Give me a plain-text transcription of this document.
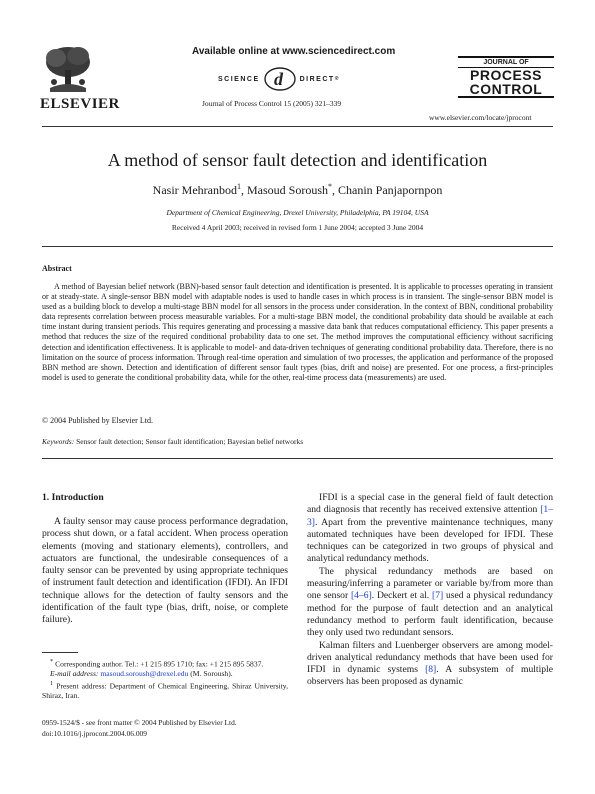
ELSEVIER
Available online at www.sciencedirect.com
SCIENCE d DIRECT ®
Journal of Process Control 15 (2005) 321–339
JOURNAL OF
PROCESS
CONTROL
www.elsevier.com/locate/jprocont
A method of sensor fault detection and identification
Nasir Mehranbod$^1$, Masoud Soroush*, Chanin Panjapornpon
Department of Chemical Engineering, Drexel University, Philadelphia, PA 19104, USA
Received 4 April 2003; received in revised form 1 June 2004; accepted 3 June 2004
Abstract
A method of Bayesian belief network (BBN)-based sensor fault detection and identification is presented. It is applicable to processes operating in transient or at steady-state. A single-sensor BBN model with adaptable nodes is used to handle cases in which process is in transient. The single-sensor BBN model is used as a building block to develop a multi-stage BBN model for all sensors in the process under consideration. In the context of BBN, conditional probability data represents correlation between process measurable variables. For a multi-stage BBN model, the conditional probability data should be available at each time instant during transient periods. This requires generating and processing a massive data bank that reduces computational efficiency. This paper presents a method that reduces the size of the required conditional probability data to one set. The method improves the computational efficiency without sacrificing detection and identification effectiveness. It is applicable to model- and data-driven techniques of generating conditional probability data. Therefore, there is no limitation on the source of process information. Through real-time operation and simulation of two processes, the application and performance of the proposed BBN method are shown. Detection and identification of different sensor fault types (bias, drift and noise) are presented. For one process, a first-principles model is used to generate the conditional probability data, while for the other, real-time process data (measurements) are used.
© 2004 Published by Elsevier Ltd.
Keywords: Sensor fault detection; Sensor fault identification; Bayesian belief networks
1. Introduction

A faulty sensor may cause process performance degradation, process shut down, or a fatal accident. When process operation elements (moving and stationary elements), controllers, and actuators are functional, the undesirable consequences of a faulty sensor can be prevented by using appropriate techniques of instrument fault detection and identification (IFDI). An IFDI technique allows for the detection of faulty sensors and the identification of the fault type (bias, drift, noise, or complete failure).

* Corresponding author. Tel.: +1 215 895 1710; fax: +1 215 895 5837.

E-mail address: masoud.soroush@drexel.edu (M. Soroush).

$^1$ Present address: Department of Chemical Engineering, Shiraz University, Shiraz, Iran.

0959-1524/$ - see front matter © 2004 Published by Elsevier Ltd.
doi:10.1016/j.jprocont.2004.06.009

IFDI is a special case in the general field of fault detection and diagnosis that recently has received extensive attention [1–3]. Apart from the preventive maintenance techniques, many automated techniques have been developed for IFDI. These techniques can be categorized in two groups of physical and analytical redundancy methods.

The physical redundancy methods are based on measuring/inferring a parameter or variable by/from more than one sensor [4–6]. Deckert et al. [7] used a physical redundancy method for the purpose of fault detection and an analytical redundancy method to perform fault identification, because they only used two redundant sensors.

Kalman filters and Luenberger observers are among model-driven analytical redundancy methods that have been used for IFDI in dynamic systems [8]. A subsystem of multiple observers has been proposed as dynamic
